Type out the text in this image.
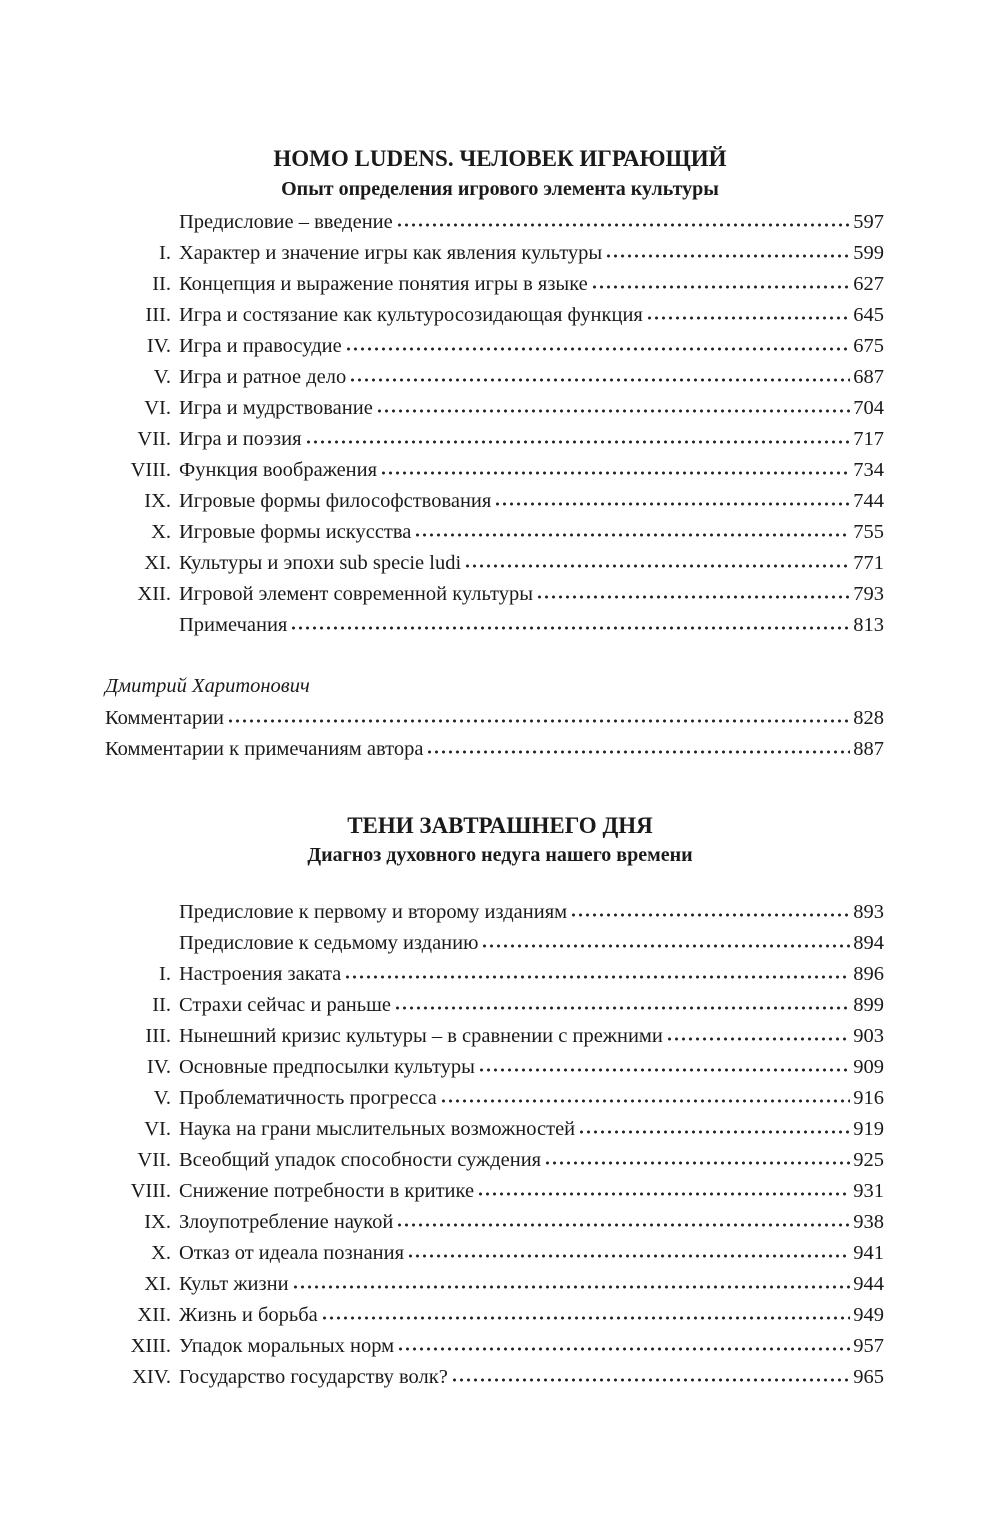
HOMO LUDENS. ЧЕЛОВЕК ИГРАЮЩИЙ
Опыт определения игрового элемента культуры
Предисловие – введение	597
I. Характер и значение игры как явления культуры	599
II. Концепция и выражение понятия игры в языке	627
III. Игра и состязание как культуросозидающая функция	645
IV. Игра и правосудие	675
V. Игра и ратное дело	687
VI. Игра и мудрствование	704
VII. Игра и поэзия	717
VIII. Функция воображения	734
IX. Игровые формы философствования	744
X. Игровые формы искусства	755
XI. Культуры и эпохи sub specie ludi	771
XII. Игровой элемент современной культуры	793
Примечания	813
Дмитрий Харитонович
Комментарии	828
Комментарии к примечаниям автора	887
ТЕНИ ЗАВТРАШНЕГО ДНЯ
Диагноз духовного недуга нашего времени
Предисловие к первому и второму изданиям	893
Предисловие к седьмому изданию	894
I. Настроения заката	896
II. Страхи сейчас и раньше	899
III. Нынешний кризис культуры – в сравнении с прежними	903
IV. Основные предпосылки культуры	909
V. Проблематичность прогресса	916
VI. Наука на грани мыслительных возможностей	919
VII. Всеобщий упадок способности суждения	925
VIII. Снижение потребности в критике	931
IX. Злоупотребление наукой	938
X. Отказ от идеала познания	941
XI. Культ жизни	944
XII. Жизнь и борьба	949
XIII. Упадок моральных норм	957
XIV. Государство государству волк?	965
